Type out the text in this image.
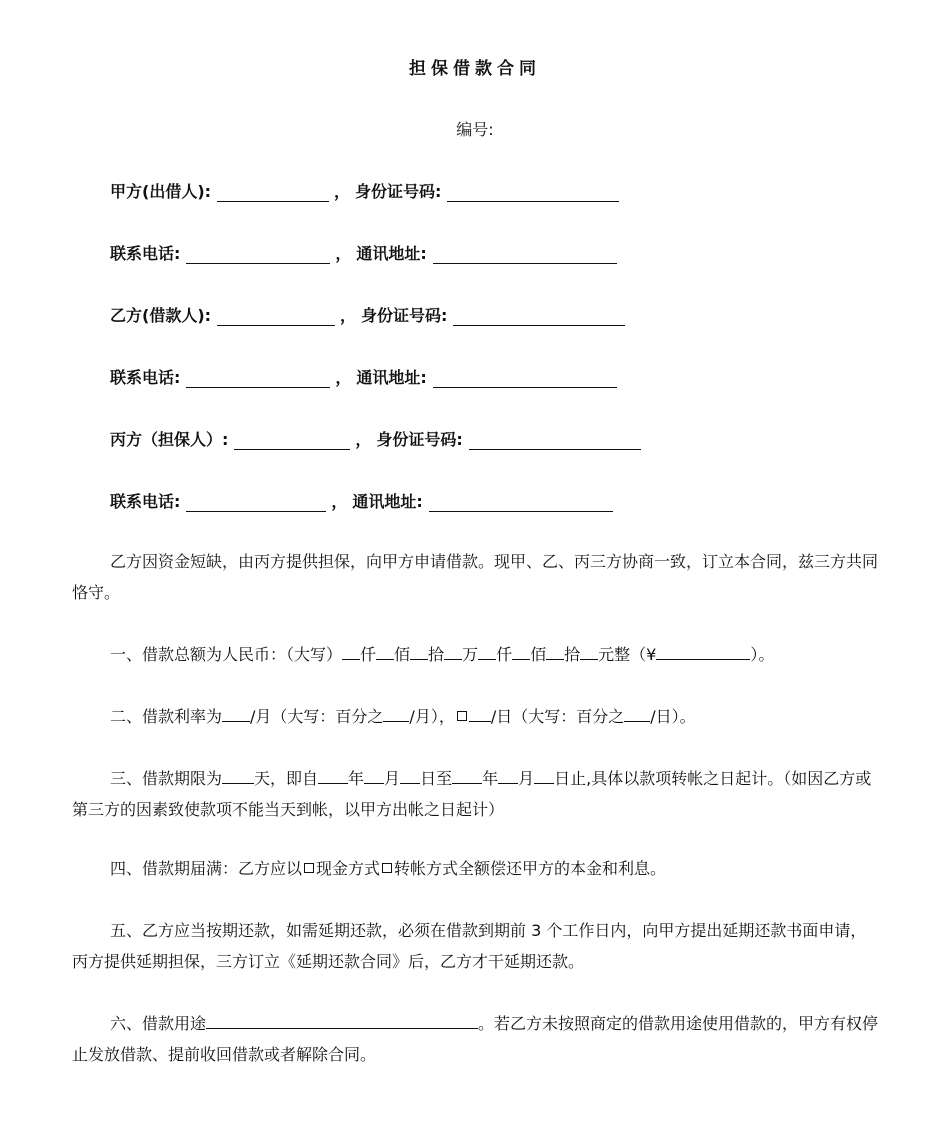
担保借款合同
编号:
甲方(出借人):	， 身份证号码:
联系电话:	， 通讯地址:
乙方(借款人):	， 身份证号码:
联系电话:	， 通讯地址:
丙方（担保人）:	， 身份证号码:
联系电话:	， 通讯地址:
乙方因资金短缺，由丙方提供担保，向甲方申请借款。现甲、乙、丙三方协商一致，订立本合同，兹三方共同恪守。
一、借款总额为人民币：（大写） 仟 佰 拾 万 仟 佰 拾 元整（¥	）。
二、借款利率为 /月（大写：百分之 /月）， /日（大写：百分之 /日）。
三、借款期限为 天，即自 年 月 日至 年 月 日止,具体以款项转帐之日起计。（如因乙方或第三方的因素致使款项不能当天到帐，以甲方出帐之日起计）
四、借款期届满：乙方应以 现金方式 转帐方式全额偿还甲方的本金和利息。
五、乙方应当按期还款，如需延期还款，必须在借款到期前 3 个工作日内，向甲方提出延期还款书面申请，丙方提供延期担保，三方订立《延期还款合同》后，乙方才干延期还款。
六、借款用途	。若乙方未按照商定的借款用途使用借款的，甲方有权停止发放借款、提前收回借款或者解除合同。
